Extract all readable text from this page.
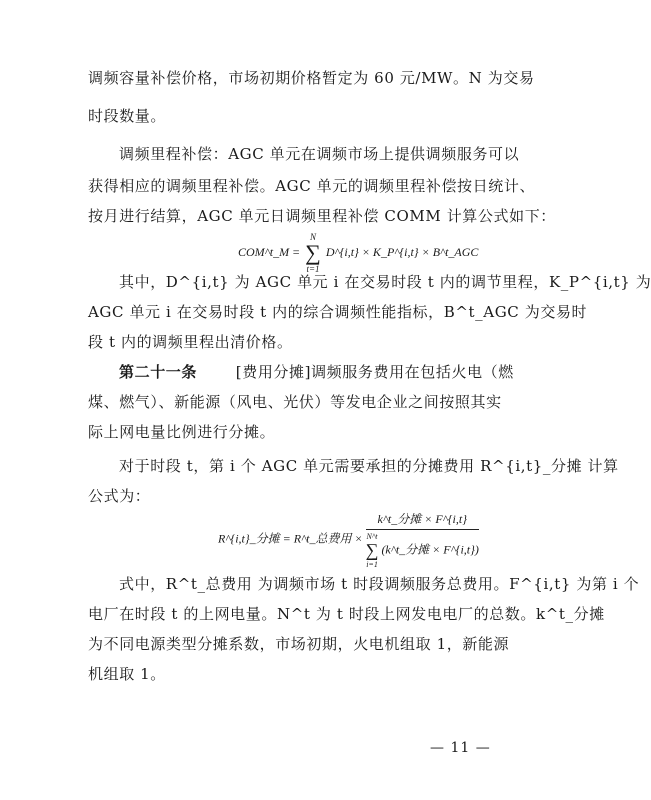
调频容量补偿价格，市场初期价格暂定为 60 元/MW。N 为交易
时段数量。
调频里程补偿：AGC 单元在调频市场上提供调频服务可以
获得相应的调频里程补偿。AGC 单元的调频里程补偿按日统计、
按月进行结算，AGC 单元日调频里程补偿 COMM 计算公式如下：
COM^t_M =
N
∑
t=1
D^{i,t} × K_P^{i,t} × B^t_AGC
其中，D^{i,t} 为 AGC 单元 i 在交易时段 t 内的调节里程，K_P^{i,t} 为
AGC 单元 i 在交易时段 t 内的综合调频性能指标，B^t_AGC 为交易时
段 t 内的调频里程出清价格。
第二十一条	[费用分摊]调频服务费用在包括火电（燃
煤、燃气）、新能源（风电、光伏）等发电企业之间按照其实
际上网电量比例进行分摊。
对于时段 t，第 i 个 AGC 单元需要承担的分摊费用 R^{i,t}_分摊 计算
公式为：
R^{i,t}_分摊 = R^t_总费用 ×
k^t_分摊 × F^{i,t}
N^t
∑
i=1
(k^t_分摊 × F^{i,t})
式中，R^t_总费用 为调频市场 t 时段调频服务总费用。F^{i,t} 为第 i 个
电厂在时段 t 的上网电量。N^t 为 t 时段上网发电电厂的总数。k^t_分摊
为不同电源类型分摊系数，市场初期，火电机组取 1，新能源
机组取 1。
— 11 —
